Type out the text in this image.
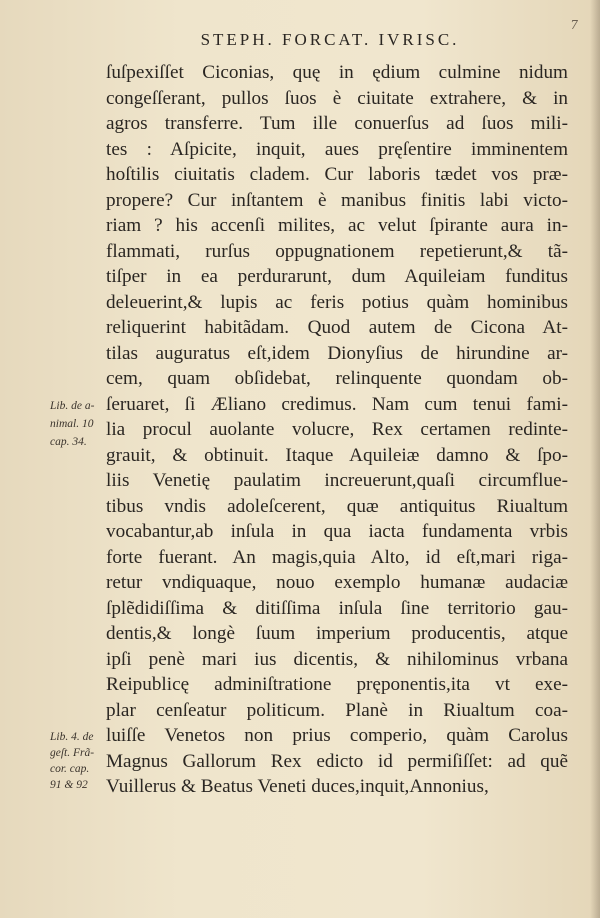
STEPH. FORCAT. IVRISC.
7
ſuſpexiſſet Ciconias, quę in ędium culmine nidum
congeſſerant, pullos ſuos è ciuitate extrahere, & in
agros transferre. Tum ille conuerſus ad ſuos mili-
tes : Aſpicite, inquit, aues pręſentire imminentem
hoſtilis ciuitatis cladem. Cur laboris tædet vos præ-
propere? Cur inſtantem è manibus finitis labi victo-
riam ? his accenſi milites, ac velut ſpirante aura in-
flammati, rurſus oppugnationem repetierunt,& tã-
tiſper in ea perdurarunt, dum Aquileiam funditus
deleuerint,& lupis ac feris potius quàm hominibus
reliquerint habitãdam. Quod autem de Cicona At-
tilas auguratus eſt,idem Dionyſius de hirundine ar-
cem, quam obſidebat, relinquente quondam ob-
ſeruaret, ſi Æliano credimus. Nam cum tenui fami-
lia procul auolante volucre, Rex certamen redinte-
grauit, & obtinuit. Itaque Aquileiæ damno & ſpo-
liis Venetię paulatim increuerunt,quaſi circumflue-
tibus vndis adoleſcerent, quæ antiquitus Riualtum
vocabantur,ab inſula in qua iacta fundamenta vrbis
forte fuerant. An magis,quia Alto, id eſt,mari riga-
retur vndiquaque, nouo exemplo humanæ audaciæ
ſplẽdidiſſima & ditiſſima inſula ſine territorio gau-
dentis,& longè ſuum imperium producentis, atque
ipſi penè mari ius dicentis, & nihilominus vrbana
Reipublicę adminiſtratione pręponentis,ita vt exe-
plar cenſeatur politicum. Planè in Riualtum coa-
luiſſe Venetos non prius comperio, quàm Carolus
Magnus Gallorum Rex edicto id permiſiſſet: ad quẽ
Vuillerus & Beatus Veneti duces,inquit,Annonius,
Lib. de a-
nimal. 10
cap. 34.
Lib. 4. de
geſt. Frã-
cor. cap.
91 & 92
